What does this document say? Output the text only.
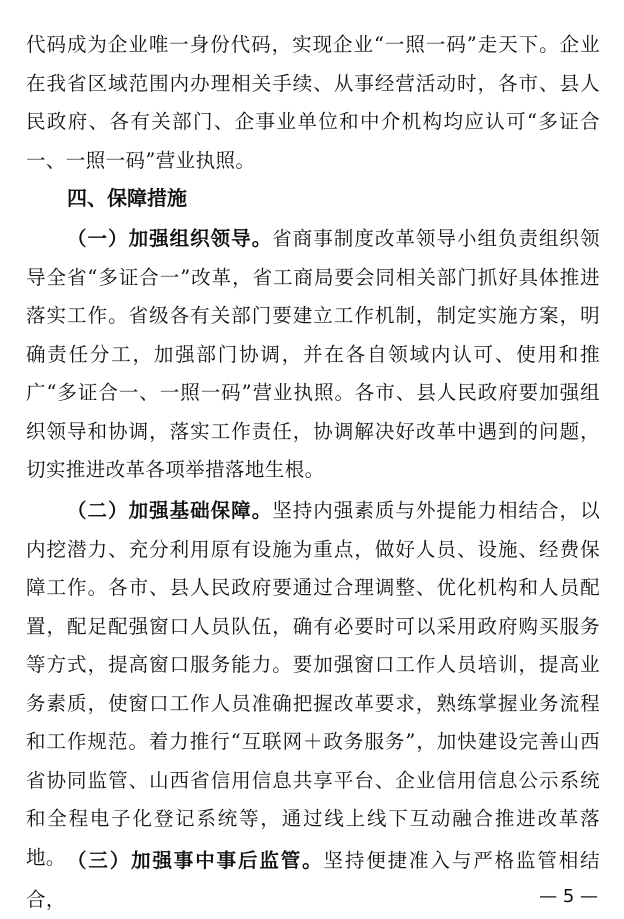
代码成为企业唯一身份代码，实现企业“一照一码”走天下。企业在我省区域范围内办理相关手续、从事经营活动时，各市、县人民政府、各有关部门、企事业单位和中介机构均应认可“多证合一、一照一码”营业执照。

四、保障措施

（一）加强组织领导。省商事制度改革领导小组负责组织领导全省“多证合一”改革，省工商局要会同相关部门抓好具体推进落实工作。省级各有关部门要建立工作机制，制定实施方案，明确责任分工，加强部门协调，并在各自领域内认可、使用和推广“多证合一、一照一码”营业执照。各市、县人民政府要加强组织领导和协调，落实工作责任，协调解决好改革中遇到的问题，切实推进改革各项举措落地生根。

（二）加强基础保障。坚持内强素质与外提能力相结合，以内挖潜力、充分利用原有设施为重点，做好人员、设施、经费保障工作。各市、县人民政府要通过合理调整、优化机构和人员配置，配足配强窗口人员队伍，确有必要时可以采用政府购买服务等方式，提高窗口服务能力。要加强窗口工作人员培训，提高业务素质，使窗口工作人员准确把握改革要求，熟练掌握业务流程和工作规范。着力推行“互联网＋政务服务”，加快建设完善山西省协同监管、山西省信用信息共享平台、企业信用信息公示系统和全程电子化登记系统等，通过线上线下互动融合推进改革落地。 （三）加强事中事后监管。坚持便捷准入与严格监管相结合，	— 5 —
